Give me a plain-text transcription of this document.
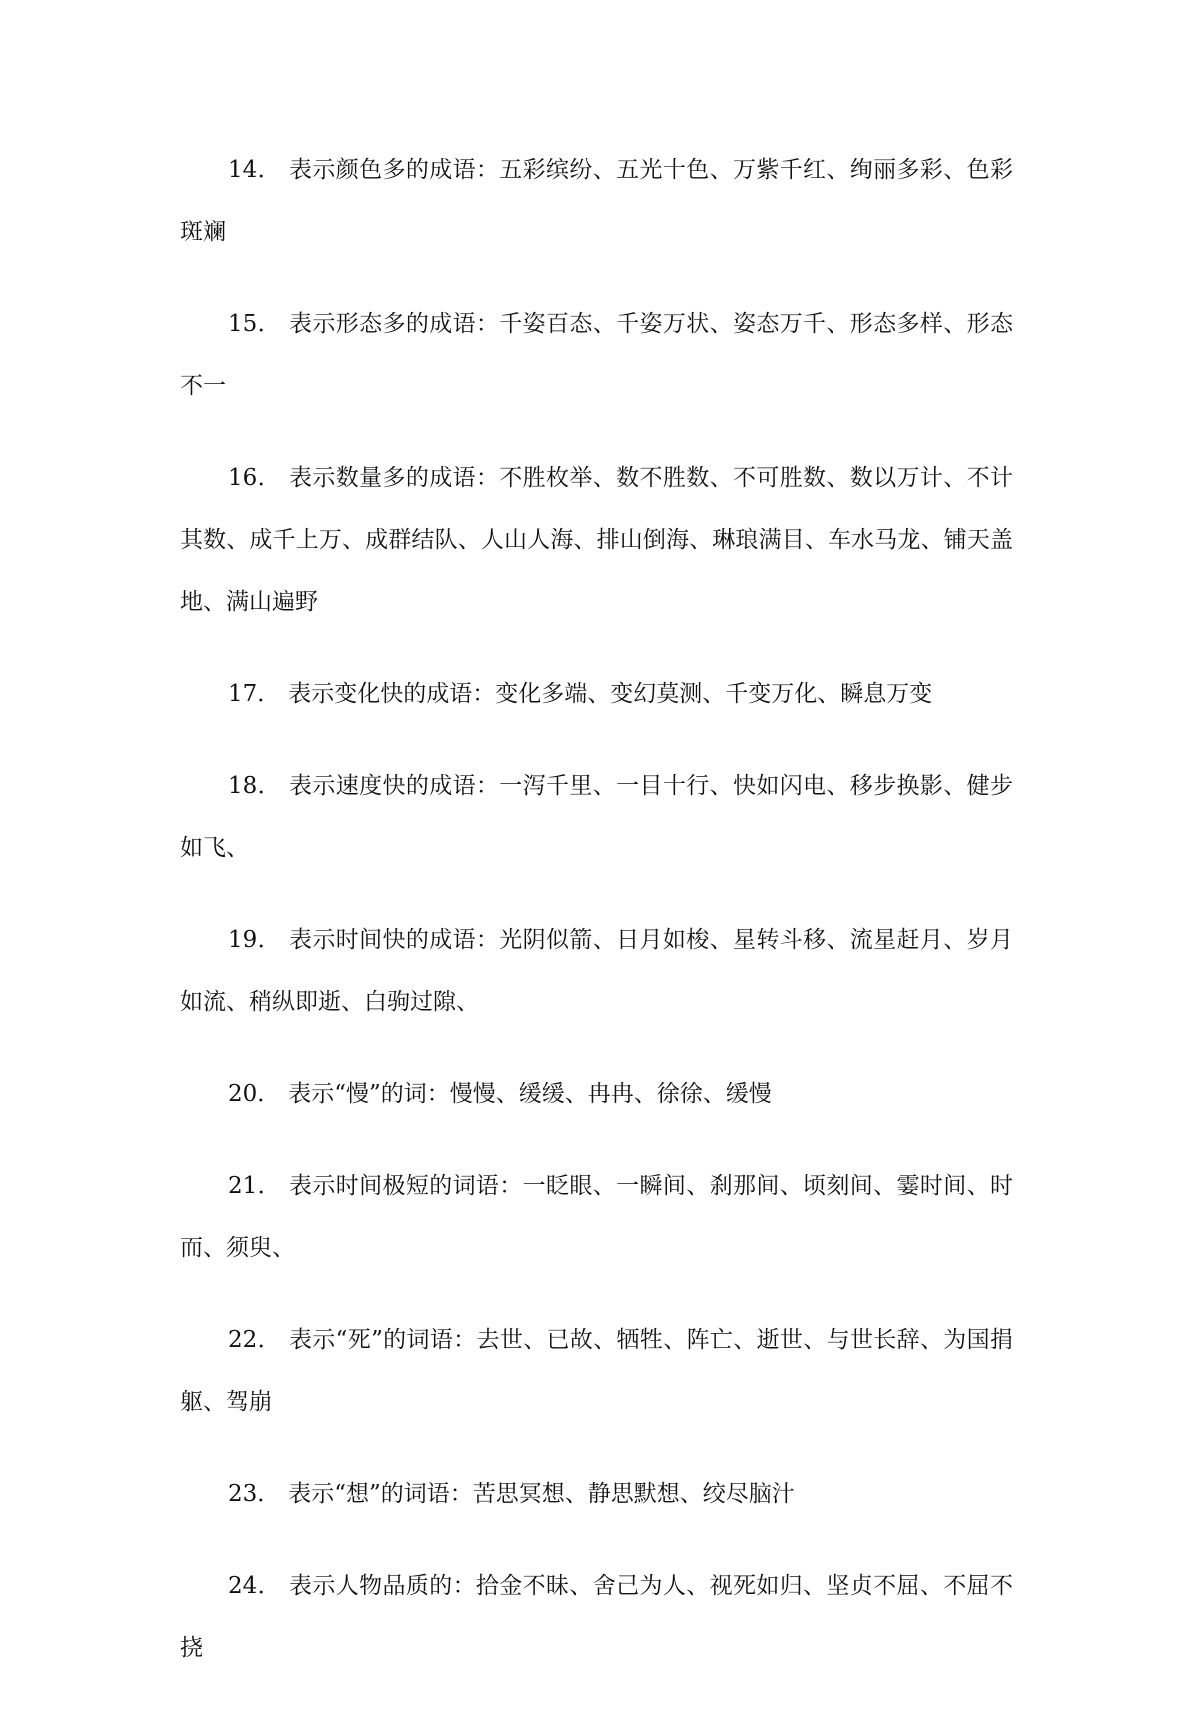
14． 表示颜色多的成语：五彩缤纷、五光十色、万紫千红、绚丽多彩、色彩斑斓

15． 表示形态多的成语：千姿百态、千姿万状、姿态万千、形态多样、形态不一

16． 表示数量多的成语：不胜枚举、数不胜数、不可胜数、数以万计、不计其数、成千上万、成群结队、人山人海、排山倒海、琳琅满目、车水马龙、铺天盖地、满山遍野

17． 表示变化快的成语：变化多端、变幻莫测、千变万化、瞬息万变

18． 表示速度快的成语：一泻千里、一目十行、快如闪电、移步换影、健步如飞、

19． 表示时间快的成语：光阴似箭、日月如梭、星转斗移、流星赶月、岁月如流、稍纵即逝、白驹过隙、

20． 表示“慢”的词：慢慢、缓缓、冉冉、徐徐、缓慢

21． 表示时间极短的词语：一眨眼、一瞬间、刹那间、顷刻间、霎时间、时而、须臾、

22． 表示“死”的词语：去世、已故、牺牲、阵亡、逝世、与世长辞、为国捐躯、驾崩

23． 表示“想”的词语：苦思冥想、静思默想、绞尽脑汁

24． 表示人物品质的：拾金不昧、舍己为人、视死如归、坚贞不屈、不屈不挠
